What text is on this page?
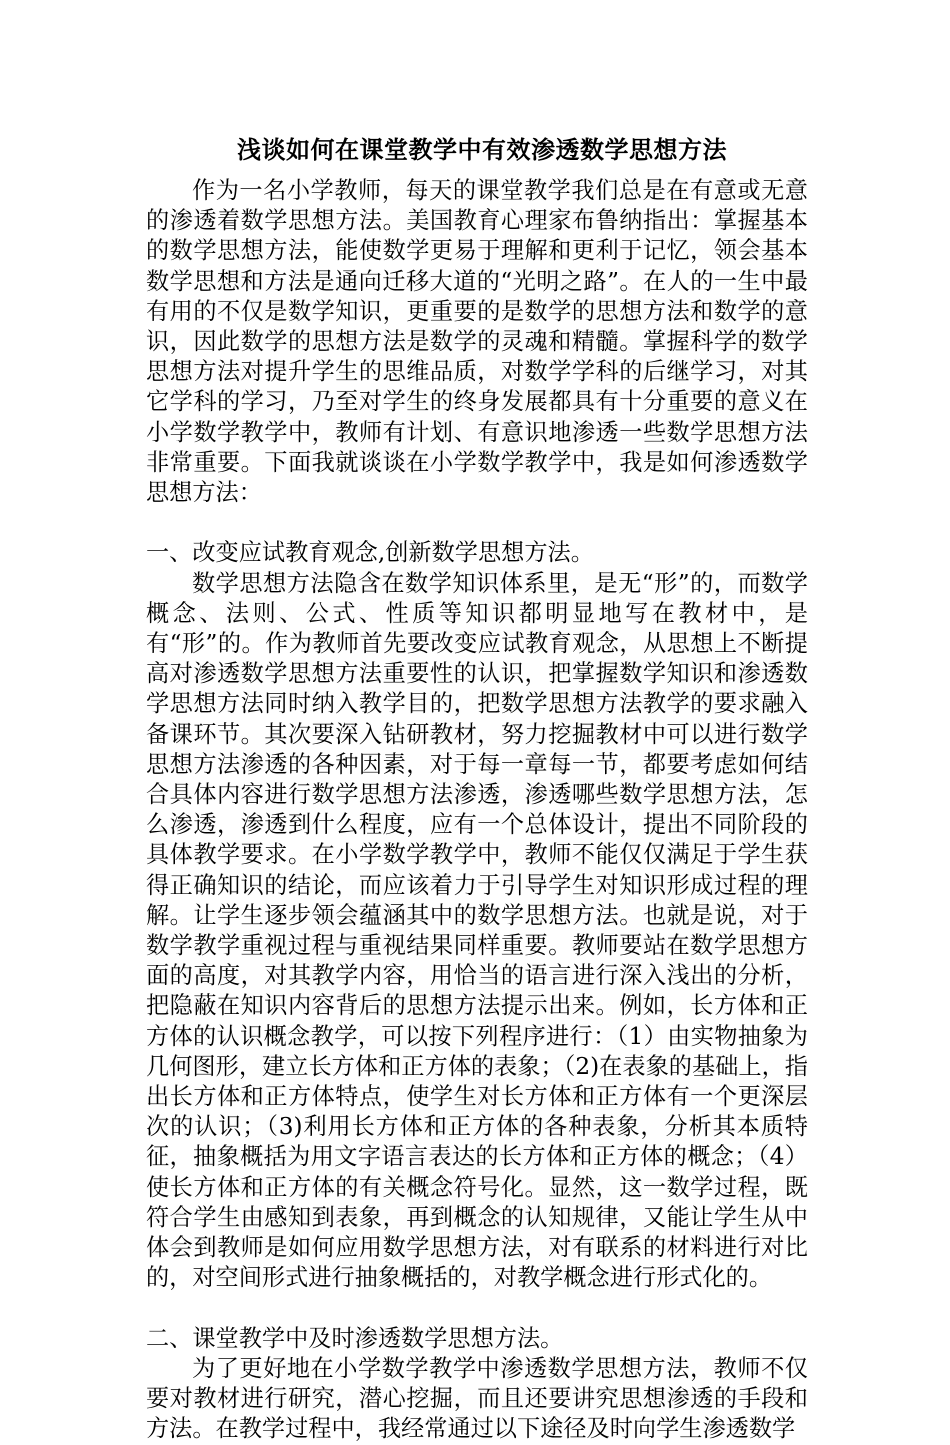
浅谈如何在课堂教学中有效渗透数学思想方法

作为一名小学教师，每天的课堂教学我们总是在有意或无意的渗透着数学思想方法。美国教育心理家布鲁纳指出：掌握基本的数学思想方法，能使数学更易于理解和更利于记忆，领会基本数学思想和方法是通向迁移大道的“光明之路”。在人的一生中最有用的不仅是数学知识，更重要的是数学的思想方法和数学的意识，因此数学的思想方法是数学的灵魂和精髓。掌握科学的数学思想方法对提升学生的思维品质，对数学学科的后继学习，对其它学科的学习，乃至对学生的终身发展都具有十分重要的意义在小学数学教学中，教师有计划、有意识地渗透一些数学思想方法非常重要。下面我就谈谈在小学数学教学中，我是如何渗透数学思想方法：

一、改变应试教育观念,创新数学思想方法。

数学思想方法隐含在数学知识体系里，是无“形”的，而数学概念、法则、公式、性质等知识都明显地写在教材中，是有“形”的。作为教师首先要改变应试教育观念，从思想上不断提高对渗透数学思想方法重要性的认识，把掌握数学知识和渗透数学思想方法同时纳入教学目的，把数学思想方法教学的要求融入备课环节。其次要深入钻研教材，努力挖掘教材中可以进行数学思想方法渗透的各种因素，对于每一章每一节，都要考虑如何结合具体内容进行数学思想方法渗透，渗透哪些数学思想方法，怎么渗透，渗透到什么程度，应有一个总体设计，提出不同阶段的具体教学要求。在小学数学教学中，教师不能仅仅满足于学生获得正确知识的结论，而应该着力于引导学生对知识形成过程的理解。让学生逐步领会蕴涵其中的数学思想方法。也就是说，对于数学教学重视过程与重视结果同样重要。教师要站在数学思想方面的高度，对其教学内容，用恰当的语言进行深入浅出的分析，把隐蔽在知识内容背后的思想方法提示出来。例如，长方体和正方体的认识概念教学，可以按下列程序进行：（1）由实物抽象为几何图形，建立长方体和正方体的表象；（2)在表象的基础上，指出长方体和正方体特点，使学生对长方体和正方体有一个更深层次的认识；（3)利用长方体和正方体的各种表象，分析其本质特征，抽象概括为用文字语言表达的长方体和正方体的概念；（4）使长方体和正方体的有关概念符号化。显然，这一数学过程，既符合学生由感知到表象，再到概念的认知规律，又能让学生从中体会到教师是如何应用数学思想方法，对有联系的材料进行对比的，对空间形式进行抽象概括的，对教学概念进行形式化的。

二、课堂教学中及时渗透数学思想方法。

为了更好地在小学数学教学中渗透数学思想方法，教师不仅要对教材进行研究，潜心挖掘，而且还要讲究思想渗透的手段和方法。在教学过程中，我经常通过以下途径及时向学生渗透数学
